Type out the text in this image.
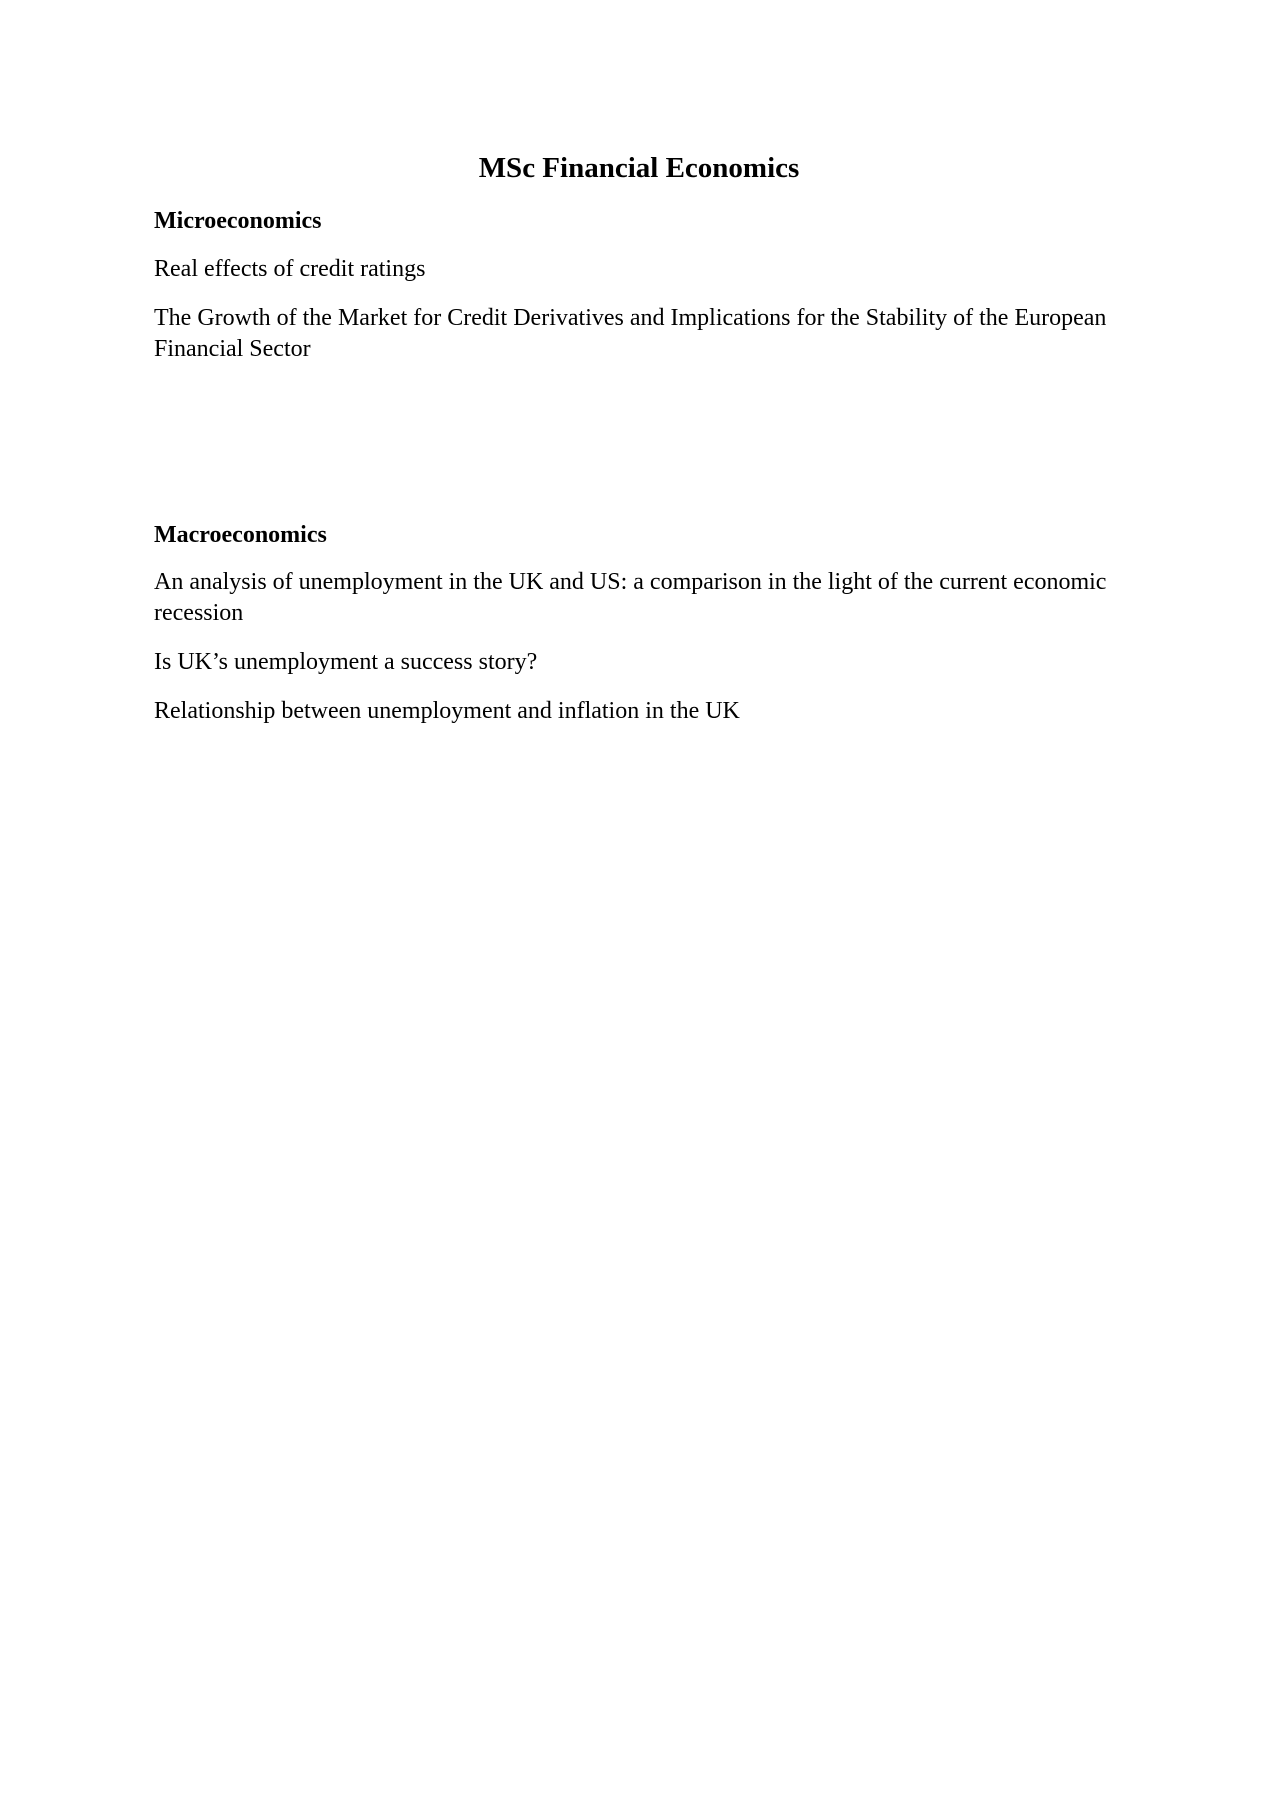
MSc Financial Economics
Microeconomics

Real effects of credit ratings

The Growth of the Market for Credit Derivatives and Implications for the Stability of the European Financial Sector

Macroeconomics

An analysis of unemployment in the UK and US: a comparison in the light of the current economic recession

Is UK’s unemployment a success story?

Relationship between unemployment and inflation in the UK
